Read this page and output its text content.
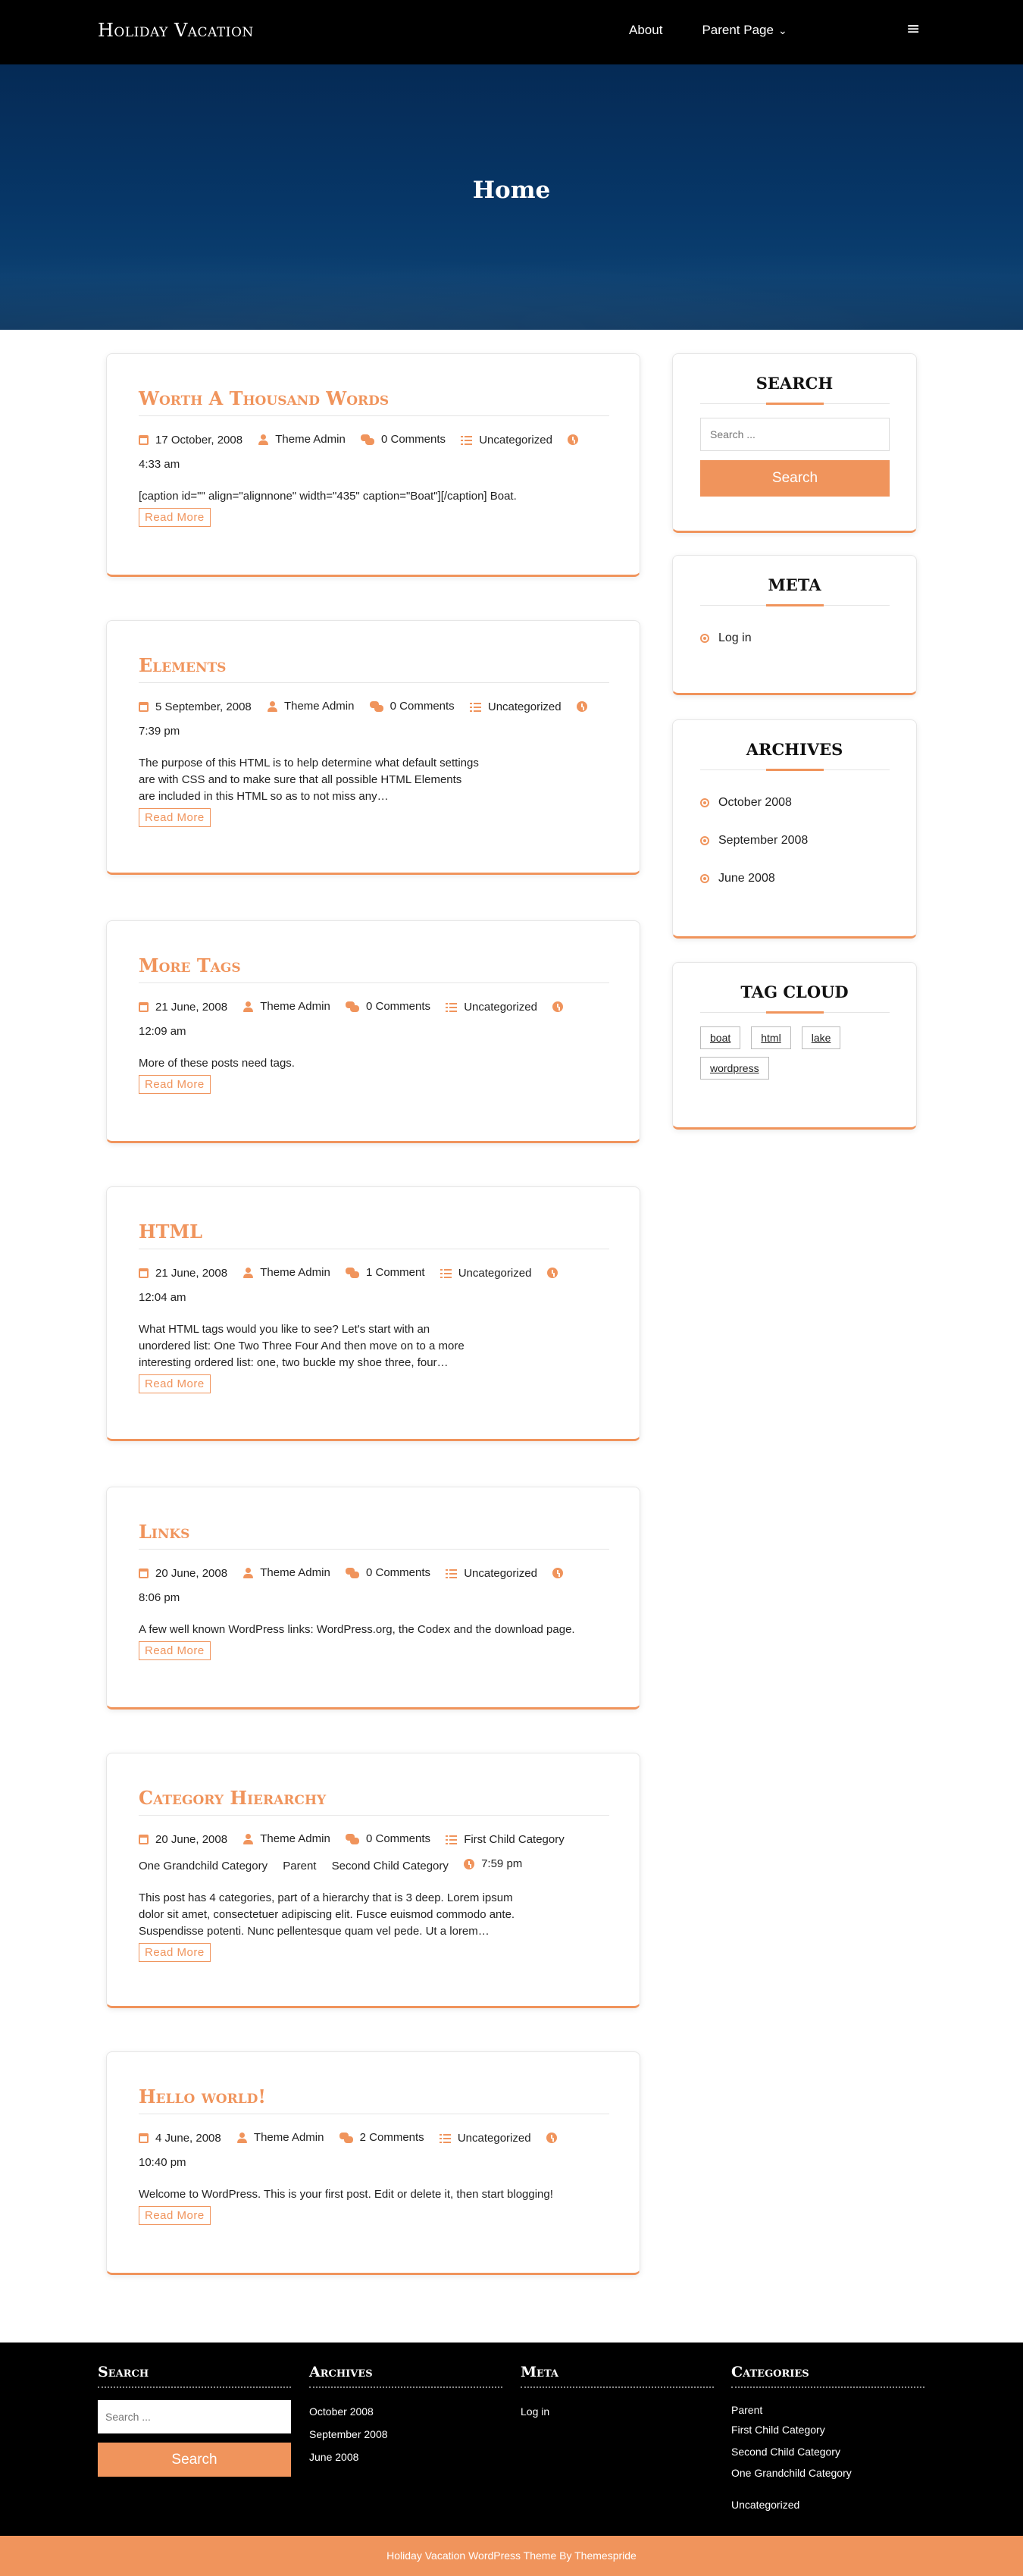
Holiday Vacation	About	Parent Page ⌄	≡
Home
Worth A Thousand Words
17 October, 2008
	Theme Admin
	0 Comments
	Uncategorized

4:33 am

[caption id="" align="alignnone" width="435" caption="Boat"][/caption] Boat.

Read More
Elements
5 September, 2008
	Theme Admin
	0 Comments
	Uncategorized

7:39 pm

The purpose of this HTML is to help determine what default settings are with CSS and to make sure that all possible HTML Elements are included in this HTML so as to not miss any…

Read More
More Tags
21 June, 2008
	Theme Admin
	0 Comments
	Uncategorized

12:09 am

More of these posts need tags.

Read More
HTML
21 June, 2008
	Theme Admin
	1 Comment
	Uncategorized

12:04 am

What HTML tags would you like to see? Let's start with an unordered list: One Two Three Four And then move on to a more interesting ordered list: one, two buckle my shoe three, four…

Read More
Links
20 June, 2008
	Theme Admin
	0 Comments
	Uncategorized

8:06 pm

A few well known WordPress links: WordPress.org, the Codex and the download page.

Read More
Category Hierarchy
20 June, 2008
	Theme Admin
	0 Comments
	First Child Category

One Grandchild Category
Parent
Second Child Category
	7:59 pm

This post has 4 categories, part of a hierarchy that is 3 deep. Lorem ipsum dolor sit amet, consectetuer adipiscing elit. Fusce euismod commodo ante. Suspendisse potenti. Nunc pellentesque quam vel pede. Ut a lorem…

Read More
Hello world!
4 June, 2008
	Theme Admin
	2 Comments
	Uncategorized

10:40 pm

Welcome to WordPress. This is your first post. Edit or delete it, then start blogging!

Read More
SEARCH
Search ... Search
META
Log in
ARCHIVES
October 2008
September 2008
June 2008
TAG CLOUD
boat	html	lake
wordpress
Search
Search ... Search
Archives
October 2008
September 2008
June 2008
Meta
Log in
Categories
Parent
First Child Category
Second Child Category
One Grandchild Category
Uncategorized
Holiday Vacation WordPress Theme By Themespride
